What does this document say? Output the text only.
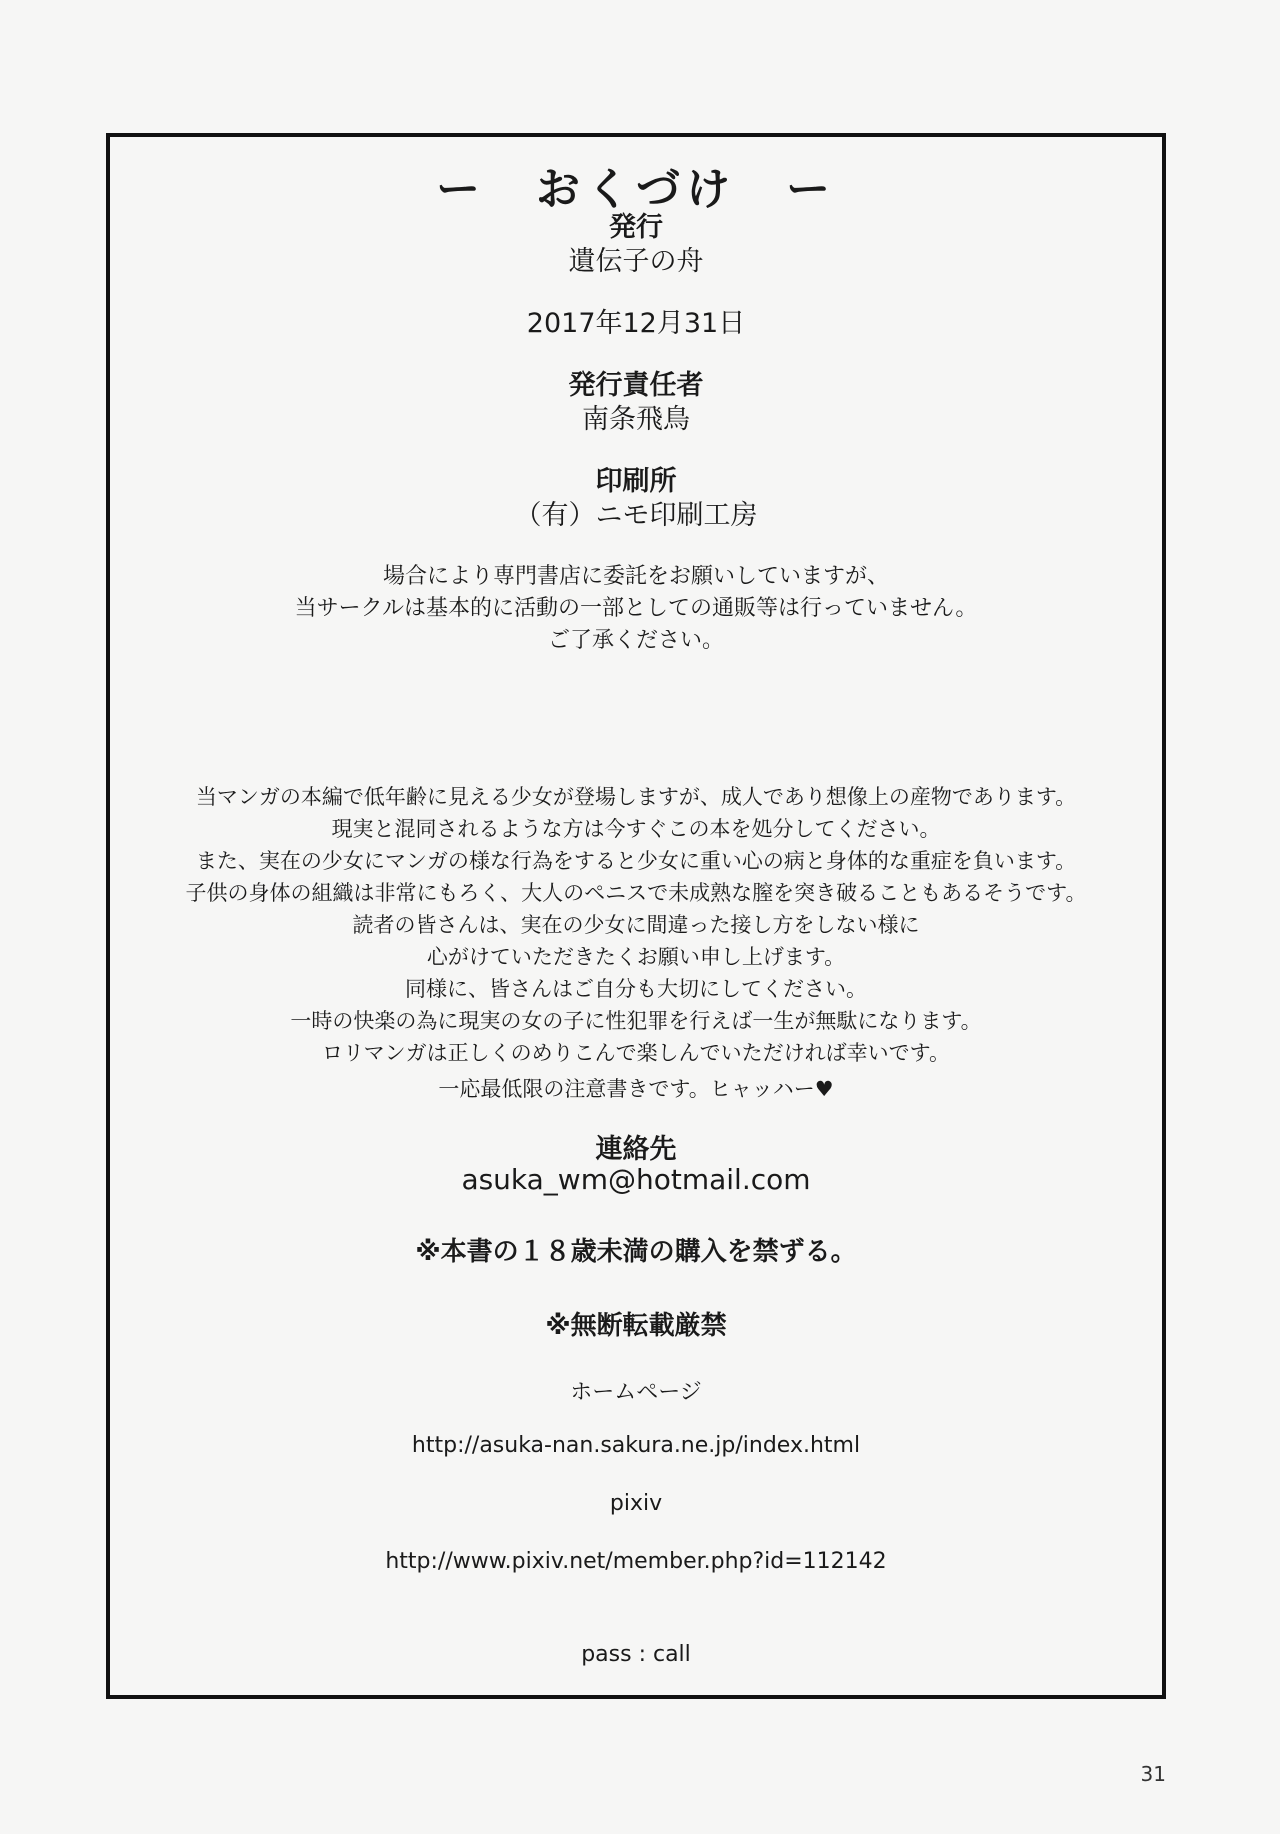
ー　おくづけ　ー
発行
遺伝子の舟
2017年12月31日
発行責任者
南条飛鳥
印刷所
（有）ニモ印刷工房
場合により専門書店に委託をお願いしていますが、
当サークルは基本的に活動の一部としての通販等は行っていません。
ご了承ください。
当マンガの本編で低年齢に見える少女が登場しますが、成人であり想像上の産物であります。
現実と混同されるような方は今すぐこの本を処分してください。
また、実在の少女にマンガの様な行為をすると少女に重い心の病と身体的な重症を負います。
子供の身体の組織は非常にもろく、大人のペニスで未成熟な膣を突き破ることもあるそうです。
読者の皆さんは、実在の少女に間違った接し方をしない様に
心がけていただきたくお願い申し上げます。
同様に、皆さんはご自分も大切にしてください。
一時の快楽の為に現実の女の子に性犯罪を行えば一生が無駄になります。
ロリマンガは正しくのめりこんで楽しんでいただければ幸いです。
一応最低限の注意書きです。ヒャッハー♥
連絡先
asuka_wm@hotmail.com
※本書の１８歳未満の購入を禁ずる。
※無断転載厳禁
ホームページ
http://asuka-nan.sakura.ne.jp/index.html
pixiv
http://www.pixiv.net/member.php?id=112142
pass : call
31
